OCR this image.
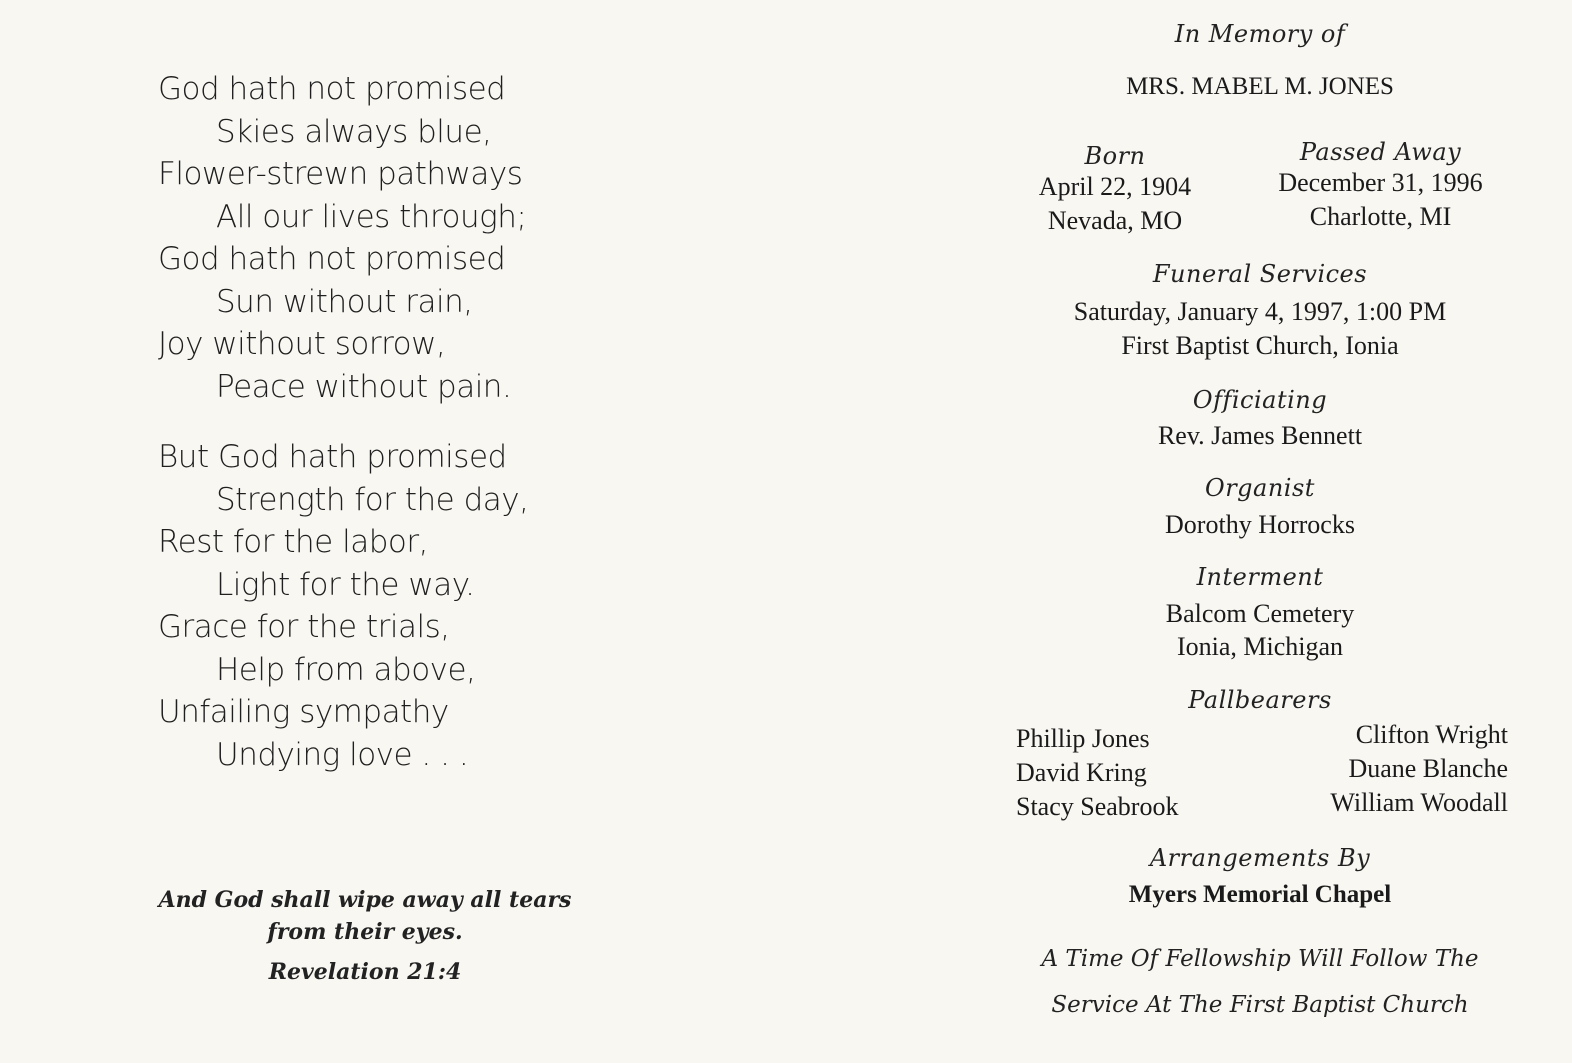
God hath not promised
Skies always blue,
Flower-strewn pathways
All our lives through;
God hath not promised
Sun without rain,
Joy without sorrow,
Peace without pain.
But God hath promised
Strength for the day,
Rest for the labor,
Light for the way.
Grace for the trials,
Help from above,
Unfailing sympathy
Undying love . . .
And God shall wipe away all tears
from their eyes.
Revelation 21:4
In Memory of
MRS. MABEL M. JONES
Born
April 22, 1904
Nevada, MO
Passed Away
December 31, 1996
Charlotte, MI
Funeral Services
Saturday, January 4, 1997, 1:00 PM
First Baptist Church, Ionia
Officiating
Rev. James Bennett
Organist
Dorothy Horrocks
Interment
Balcom Cemetery
Ionia, Michigan
Pallbearers
Phillip Jones
David Kring
Stacy Seabrook
Clifton Wright
Duane Blanche
William Woodall
Arrangements By
Myers Memorial Chapel
A Time Of Fellowship Will Follow The
Service At The First Baptist Church
